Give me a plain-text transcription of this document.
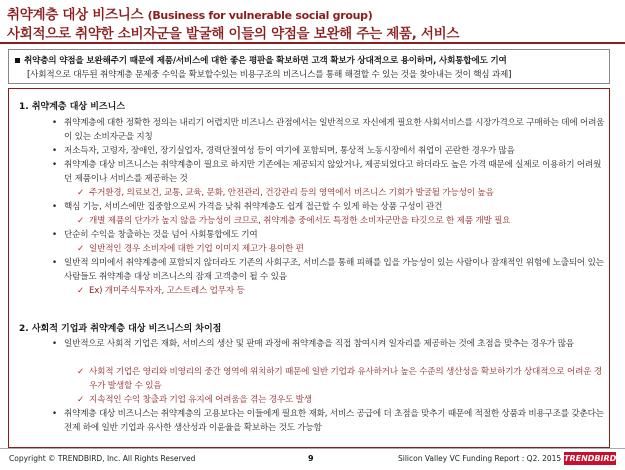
취약계층 대상 비즈니스 (Business for vulnerable social group)
사회적으로 취약한 소비자군을 발굴해 이들의 약점을 보완해 주는 제품, 서비스
취약층의 약점을 보완해주기 때문에 제품/서비스에 대한 좋은 평판을 확보하면 고객 확보가 상대적으로 용이하며, 사회통합에도 기여
[사회적으로 대두된 취약계층 문제중 수익을 확보할수있는 비용구조의 비즈니스를 통해 해결할 수 있는 것을 찾아내는 것이 핵심 과제]
1. 취약계층 대상 비즈니스
• 취약계층에 대한 정확한 정의는 내리기 어렵지만 비즈니스 관점에서는 일반적으로 자신에게 필요한 사회서비스를 시장가격으로 구매하는 데에 어려움이 있는 소비자군을 지칭
• 저소득자, 고령자, 장애인, 장기실업자, 경력단절여성 등이 여기에 포함되며, 통상적 노동시장에서 취업이 곤란한 경우가 많음
• 취약계층 대상 비즈니스는 취약계층이 필요로 하지만 기존에는 제공되지 않았거나, 제공되었다고 하더라도 높은 가격 때문에 실제로 이용하기 어려웠던 제품이나 서비스를 제공하는 것
✓ 주거환경, 의료보건, 교통, 교육, 문화, 안전관리, 건강관리 등의 영역에서 비즈니스 기회가 발굴될 가능성이 높음
• 핵심 기능, 서비스에만 집중함으로써 가격을 낮춰 취약계층도 쉽게 접근할 수 있게 하는 상품 구성이 관건
✓ 개별 제품의 단가가 높지 않을 가능성이 크므로, 취약계층 중에서도 특정한 소비자군만을 타깃으로 한 제품 개발 필요
• 단순히 수익을 창출하는 것을 넘어 사회통합에도 기여
✓ 일반적인 경우 소비자에 대한 기업 이미지 제고가 용이한 편
• 일반적 의미에서 취약계층에 포함되지 않더라도 기존의 사회구조, 서비스를 통해 피해를 입을 가능성이 있는 사람이나 잠재적인 위험에 노출되어 있는 사람들도 취약계층 대상 비즈니스의 잠재 고객층이 될 수 있음
✓ Ex) 개미주식투자자, 고스트레스 업무자 등
2. 사회적 기업과 취약계층 대상 비즈니스의 차이점
• 일반적으로 사회적 기업은 재화, 서비스의 생산 및 판매 과정에 취약계층을 직접 참여시켜 일자리를 제공하는 것에 초점을 맞추는 경우가 많음
✓ 사회적 기업은 영리와 비영리의 중간 영역에 위치하기 때문에 일반 기업과 유사하거나 높은 수준의 생산성을 확보하기가 상대적으로 어려운 경우가 발생할 수 있음
✓ 지속적인 수익 창출과 기업 유지에 어려움을 겪는 경우도 발생
• 취약계층 대상 비즈니스는 취약계층의 고용보다는 이들에게 필요한 재화, 서비스 공급에 더 초점을 맞추기 때문에 적절한 상품과 비용구조를 갖춘다는 전제 하에 일반 기업과 유사한 생산성과 이윤율을 확보하는 것도 가능함
Copyright © TRENDBIRD, Inc. All Rights Reserved	9	Silicon Valley VC Funding Report : Q2. 2015 TRENDBIRD
